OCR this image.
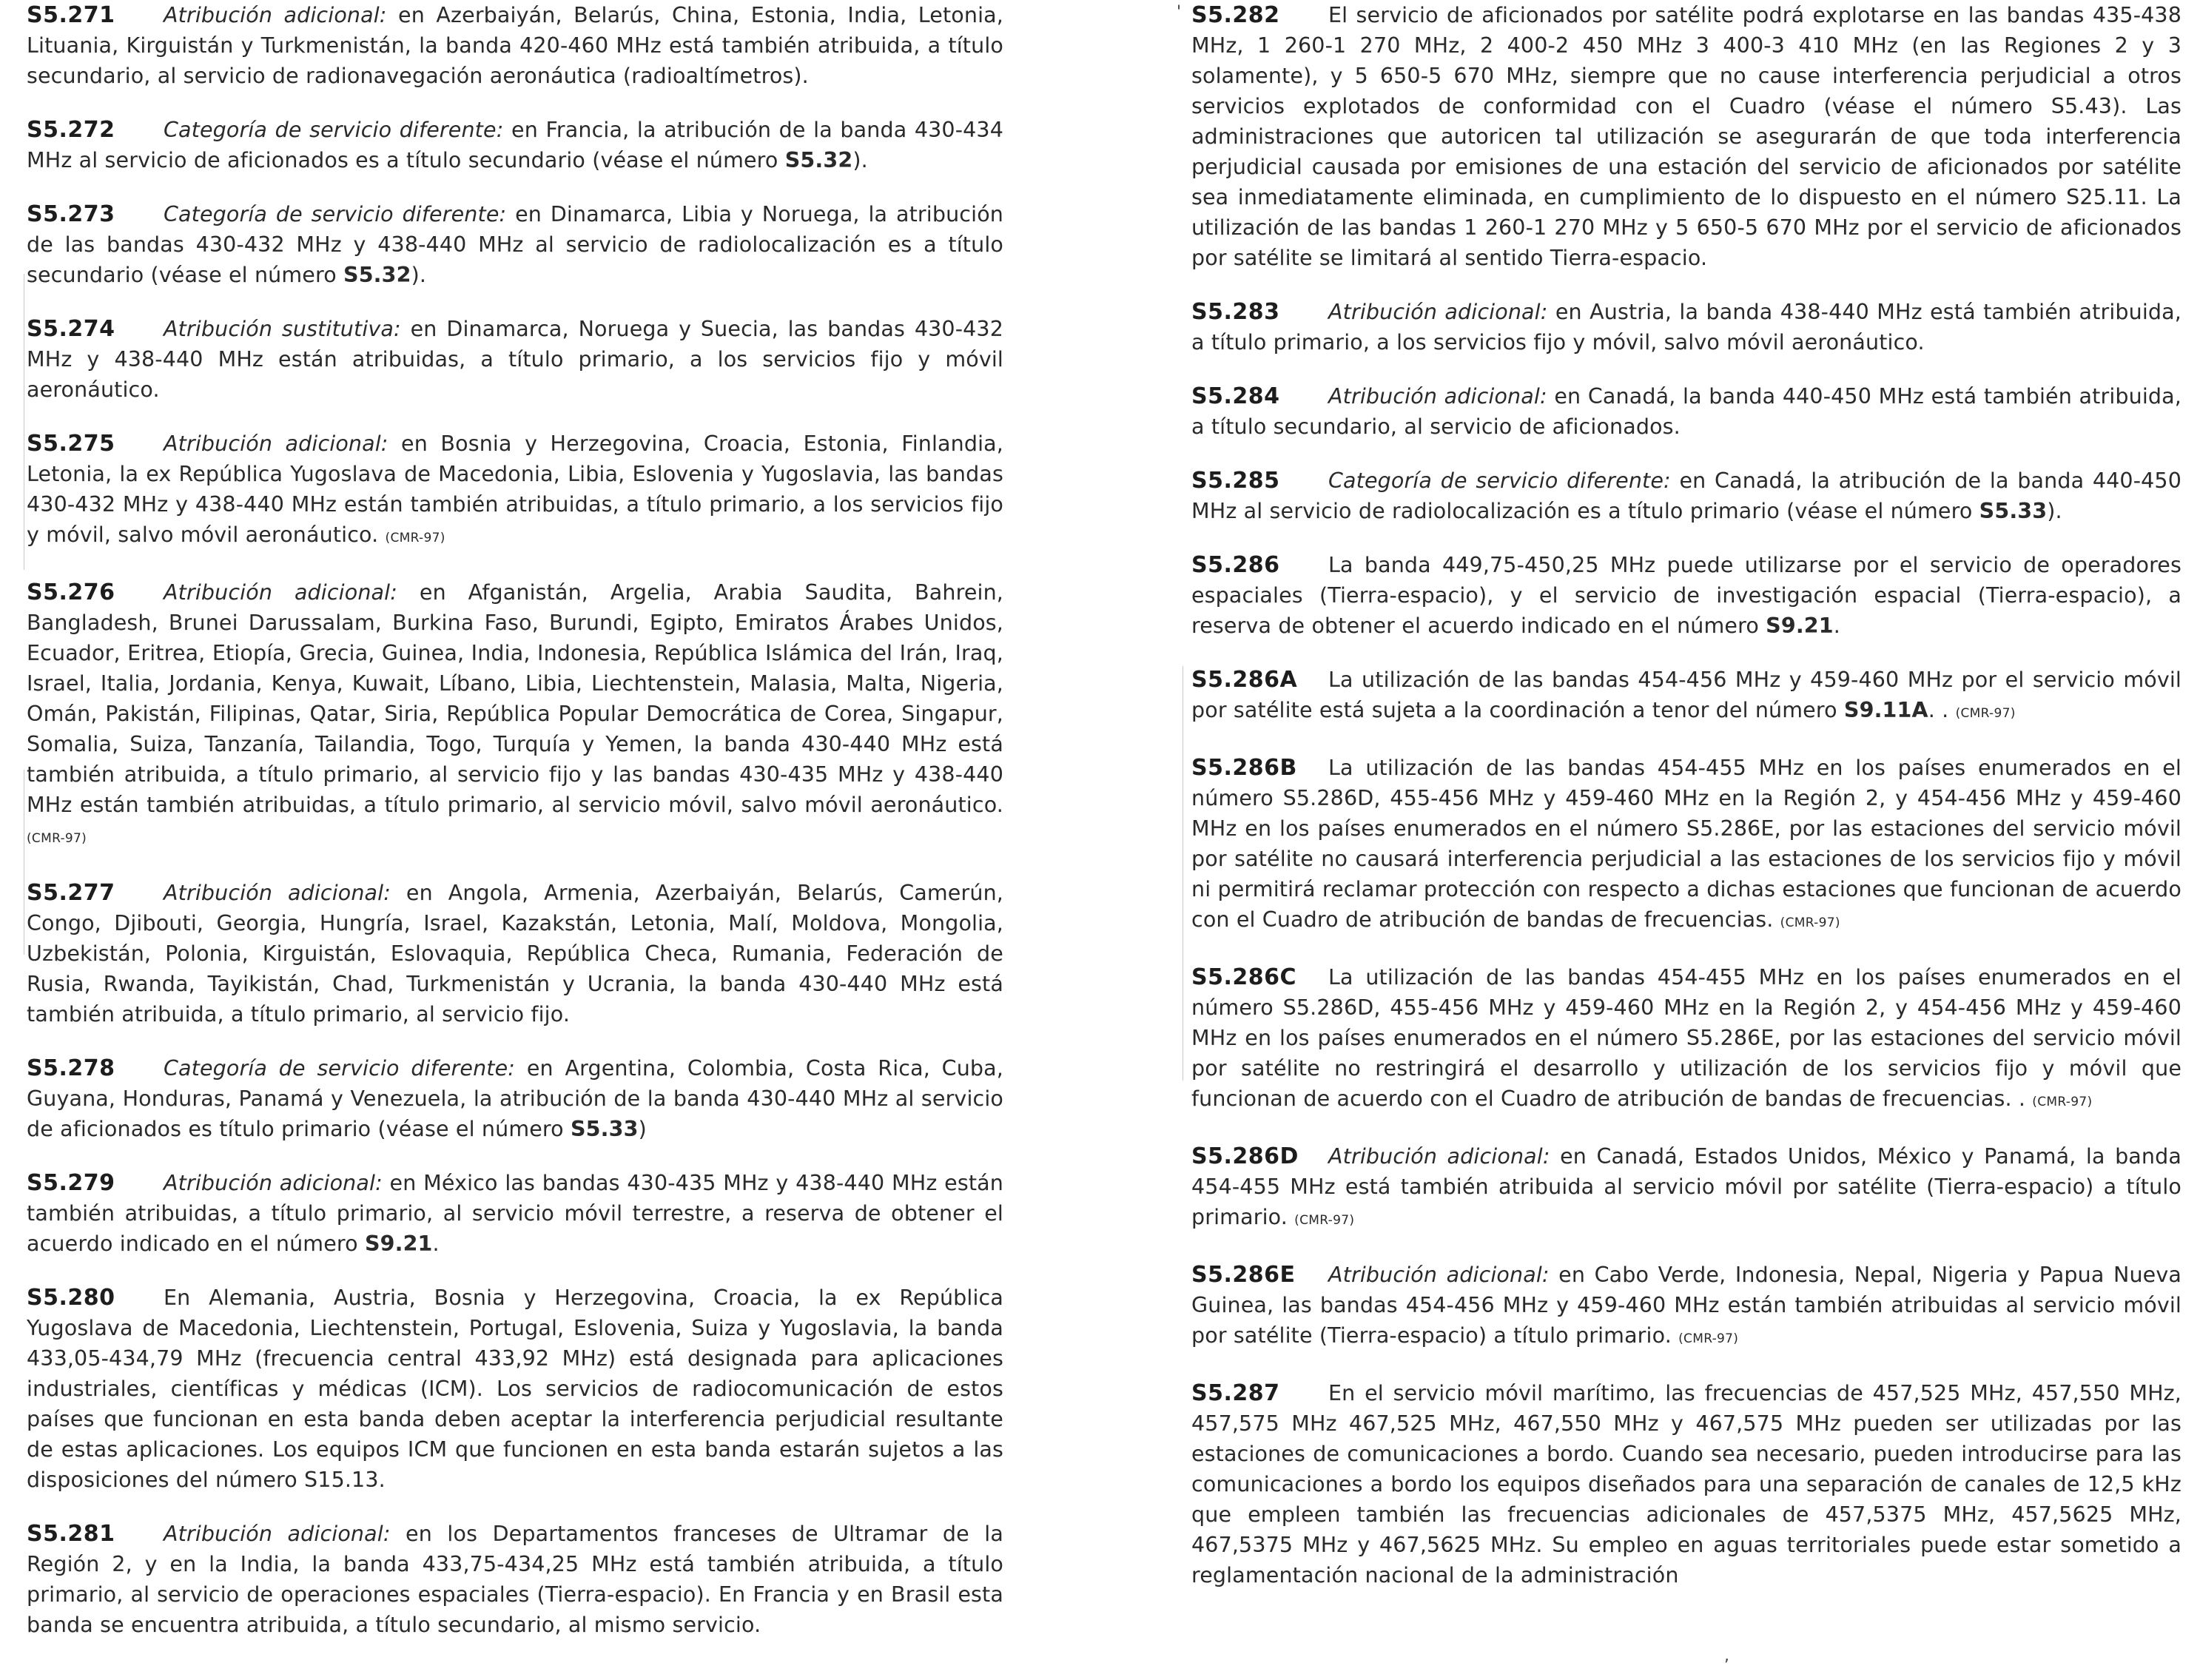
'
,

S5.271 Atribución adicional: en Azerbaiyán, Belarús, China, Estonia, India, Letonia, Lituania, Kirguistán y Turkmenistán, la banda 420-460 MHz está también atribuida, a título secundario, al servicio de radionavegación aeronáutica (radioaltímetros).

S5.272 Categoría de servicio diferente: en Francia, la atribución de la banda 430-434 MHz al servicio de aficionados es a título secundario (véase el número S5.32).

S5.273 Categoría de servicio diferente: en Dinamarca, Libia y Noruega, la atribución de las bandas 430-432 MHz y 438-440 MHz al servicio de radiolocalización es a título secundario (véase el número S5.32).

S5.274 Atribución sustitutiva: en Dinamarca, Noruega y Suecia, las bandas 430-432 MHz y 438-440 MHz están atribuidas, a título primario, a los servicios fijo y móvil aeronáutico.

S5.275 Atribución adicional: en Bosnia y Herzegovina, Croacia, Estonia, Finlandia, Letonia, la ex República Yugoslava de Macedonia, Libia, Eslovenia y Yugoslavia, las bandas 430-432 MHz y 438-440 MHz están también atribuidas, a título primario, a los servicios fijo y móvil, salvo móvil aeronáutico. (CMR-97)

S5.276 Atribución adicional: en Afganistán, Argelia, Arabia Saudita, Bahrein, Bangladesh, Brunei Darussalam, Burkina Faso, Burundi, Egipto, Emiratos Árabes Unidos, Ecuador, Eritrea, Etiopía, Grecia, Guinea, India, Indonesia, República Islámica del Irán, Iraq, Israel, Italia, Jordania, Kenya, Kuwait, Líbano, Libia, Liechtenstein, Malasia, Malta, Nigeria, Omán, Pakistán, Filipinas, Qatar, Siria, República Popular Democrática de Corea, Singapur, Somalia, Suiza, Tanzanía, Tailandia, Togo, Turquía y Yemen, la banda 430-440 MHz está también atribuida, a título primario, al servicio fijo y las bandas 430-435 MHz y 438-440 MHz están también atribuidas, a título primario, al servicio móvil, salvo móvil aeronáutico. (CMR-97)

S5.277 Atribución adicional: en Angola, Armenia, Azerbaiyán, Belarús, Camerún, Congo, Djibouti, Georgia, Hungría, Israel, Kazakstán, Letonia, Malí, Moldova, Mongolia, Uzbekistán, Polonia, Kirguistán, Eslovaquia, República Checa, Rumania, Federación de Rusia, Rwanda, Tayikistán, Chad, Turkmenistán y Ucrania, la banda 430-440 MHz está también atribuida, a título primario, al servicio fijo.

S5.278 Categoría de servicio diferente: en Argentina, Colombia, Costa Rica, Cuba, Guyana, Honduras, Panamá y Venezuela, la atribución de la banda 430-440 MHz al servicio de aficionados es título primario (véase el número S5.33)

S5.279 Atribución adicional: en México las bandas 430-435 MHz y 438-440 MHz están también atribuidas, a título primario, al servicio móvil terrestre, a reserva de obtener el acuerdo indicado en el número S9.21.

S5.280 En Alemania, Austria, Bosnia y Herzegovina, Croacia, la ex República Yugoslava de Macedonia, Liechtenstein, Portugal, Eslovenia, Suiza y Yugoslavia, la banda 433,05-434,79 MHz (frecuencia central 433,92 MHz) está designada para aplicaciones industriales, científicas y médicas (ICM). Los servicios de radiocomunicación de estos países que funcionan en esta banda deben aceptar la interferencia perjudicial resultante de estas aplicaciones. Los equipos ICM que funcionen en esta banda estarán sujetos a las disposiciones del número S15.13.

S5.281 Atribución adicional: en los Departamentos franceses de Ultramar de la Región 2, y en la India, la banda 433,75-434,25 MHz está también atribuida, a título primario, al servicio de operaciones espaciales (Tierra-espacio). En Francia y en Brasil esta banda se encuentra atribuida, a título secundario, al mismo servicio.

S5.282 El servicio de aficionados por satélite podrá explotarse en las bandas 435-438 MHz, 1 260-1 270 MHz, 2 400-2 450 MHz 3 400-3 410 MHz (en las Regiones 2 y 3 solamente), y 5 650-5 670 MHz, siempre que no cause interferencia perjudicial a otros servicios explotados de conformidad con el Cuadro (véase el número S5.43). Las administraciones que autoricen tal utilización se asegurarán de que toda interferencia perjudicial causada por emisiones de una estación del servicio de aficionados por satélite sea inmediatamente eliminada, en cumplimiento de lo dispuesto en el número S25.11. La utilización de las bandas 1 260-1 270 MHz y 5 650-5 670 MHz por el servicio de aficionados por satélite se limitará al sentido Tierra-espacio.

S5.283 Atribución adicional: en Austria, la banda 438-440 MHz está también atribuida, a título primario, a los servicios fijo y móvil, salvo móvil aeronáutico.

S5.284 Atribución adicional: en Canadá, la banda 440-450 MHz está también atribuida, a título secundario, al servicio de aficionados.

S5.285 Categoría de servicio diferente: en Canadá, la atribución de la banda 440-450 MHz al servicio de radiolocalización es a título primario (véase el número S5.33).

S5.286 La banda 449,75-450,25 MHz puede utilizarse por el servicio de operadores espaciales (Tierra-espacio), y el servicio de investigación espacial (Tierra-espacio), a reserva de obtener el acuerdo indicado en el número S9.21.

S5.286A La utilización de las bandas 454-456 MHz y 459-460 MHz por el servicio móvil por satélite está sujeta a la coordinación a tenor del número S9.11A. . (CMR-97)

S5.286B La utilización de las bandas 454-455 MHz en los países enumerados en el número S5.286D, 455-456 MHz y 459-460 MHz en la Región 2, y 454-456 MHz y 459-460 MHz en los países enumerados en el número S5.286E, por las estaciones del servicio móvil por satélite no causará interferencia perjudicial a las estaciones de los servicios fijo y móvil ni permitirá reclamar protección con respecto a dichas estaciones que funcionan de acuerdo con el Cuadro de atribución de bandas de frecuencias. (CMR-97)

S5.286C La utilización de las bandas 454-455 MHz en los países enumerados en el número S5.286D, 455-456 MHz y 459-460 MHz en la Región 2, y 454-456 MHz y 459-460 MHz en los países enumerados en el número S5.286E, por las estaciones del servicio móvil por satélite no restringirá el desarrollo y utilización de los servicios fijo y móvil que funcionan de acuerdo con el Cuadro de atribución de bandas de frecuencias. . (CMR-97)

S5.286D Atribución adicional: en Canadá, Estados Unidos, México y Panamá, la banda 454-455 MHz está también atribuida al servicio móvil por satélite (Tierra-espacio) a título primario. (CMR-97)

S5.286E Atribución adicional: en Cabo Verde, Indonesia, Nepal, Nigeria y Papua Nueva Guinea, las bandas 454-456 MHz y 459-460 MHz están también atribuidas al servicio móvil por satélite (Tierra-espacio) a título primario. (CMR-97)

S5.287 En el servicio móvil marítimo, las frecuencias de 457,525 MHz, 457,550 MHz, 457,575 MHz 467,525 MHz, 467,550 MHz y 467,575 MHz pueden ser utilizadas por las estaciones de comunicaciones a bordo. Cuando sea necesario, pueden introducirse para las comunicaciones a bordo los equipos diseñados para una separación de canales de 12,5 kHz que empleen también las frecuencias adicionales de 457,5375 MHz, 457,5625 MHz, 467,5375 MHz y 467,5625 MHz. Su empleo en aguas territoriales puede estar sometido a reglamentación nacional de la administración
